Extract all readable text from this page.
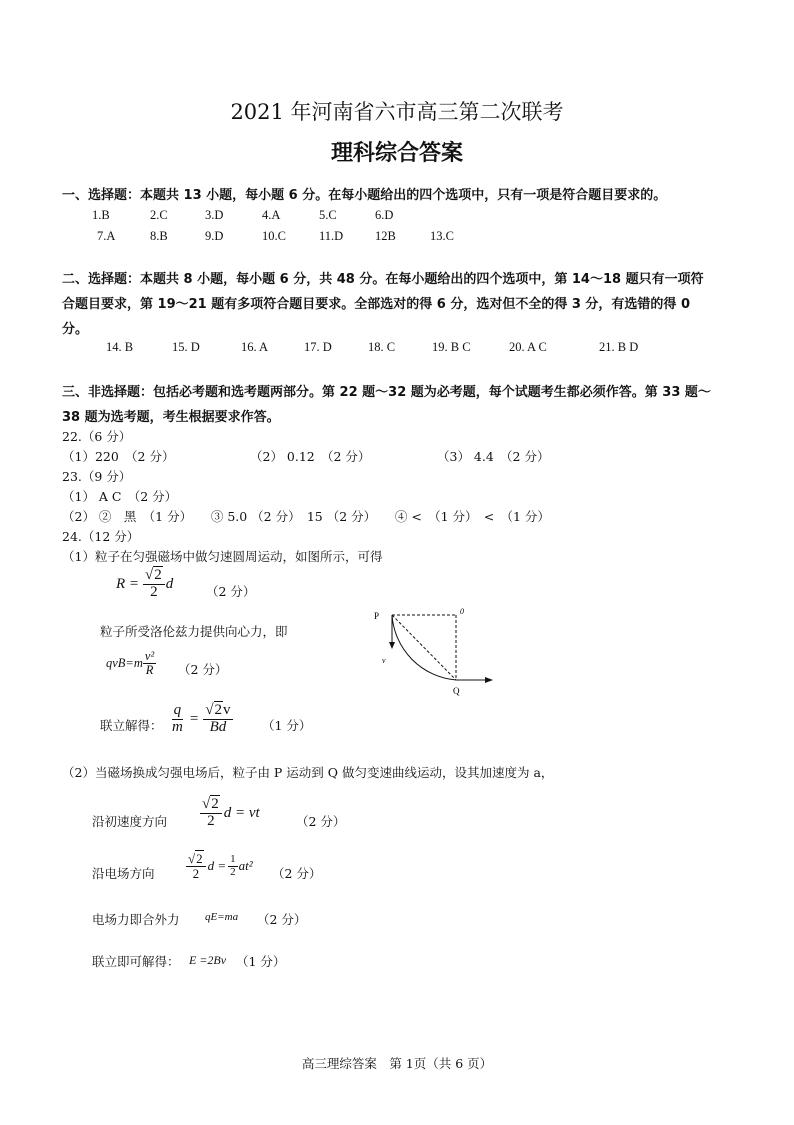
2021 年河南省六市高三第二次联考
理科综合答案
一、选择题：本题共 13 小题，每小题 6 分。在每小题给出的四个选项中，只有一项是符合题目要求的。
1.B	2.C	3.D	4.A	5.C	6.D
7.A	8.B	9.D	10.C	11.D	12B	13.C
二、选择题：本题共 8 小题，每小题 6 分，共 48 分。在每小题给出的四个选项中，第 14～18 题只有一项符
合题目要求，第 19～21 题有多项符合题目要求。全部选对的得 6 分，选对但不全的得 3 分，有选错的得 0
分。
14. B	15. D	16. A	17. D	18. C	19. B C	20. A C	21. B D
三、非选择题：包括必考题和选考题两部分。第 22 题～32 题为必考题，每个试题考生都必须作答。第 33 题～
38 题为选考题，考生根据要求作答。
22.（6 分）
（1）220　（2 分）	（2） 0.12　（2 分）	（3） 4.4　（2 分）
23.（9 分）
（1） A C　（2 分）
（2） ②　黑　（1 分）　　③ 5.0 （2 分）　15 （2 分）　　④ <　（1 分）　<　（1 分）
24.（12 分）
（1）粒子在匀强磁场中做匀速圆周运动，如图所示，可得
$R = \frac{√2}{2}$ d	（2 分）
粒子所受洛伦兹力提供向心力，即
$qvB=m \frac{\text{v²}}{R} (2$ 分）
联立解得： $\frac{q}{m} = \frac{√2v}{Bd} (1$ 分）
P	0
Q
v
（2）当磁场换成匀强电场后，粒子由 P 运动到 Q 做匀变速曲线运动，设其加速度为 a，
沿初速度方向 $\frac{√2}{2}$ d = vt
（2 分）
沿电场方向 $\frac{√2}{2}$ $d = \frac{1}{2} at^2$
（2 分）
电场力即合外力 qE=ma （2 分）
联立即可解得： E =2Bv （1 分）
高三理综答案　第 1页（共 6 页）
